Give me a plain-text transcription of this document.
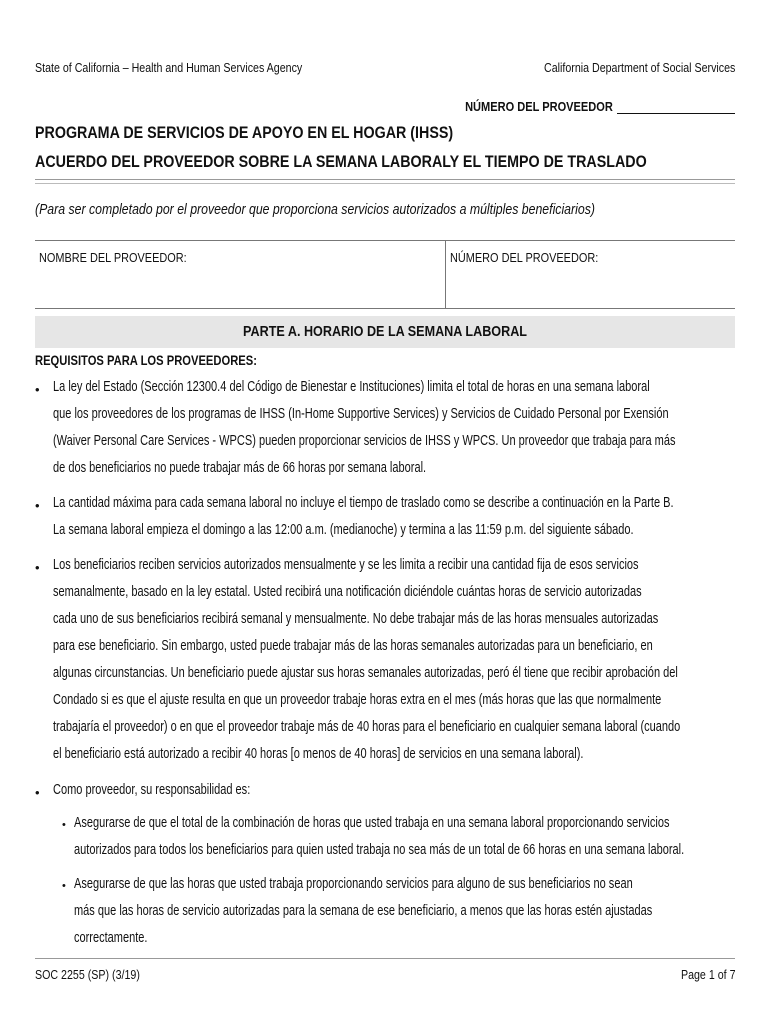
State of California – Health and Human Services Agency	California Department of Social Services
NÚMERO DEL PROVEEDOR
PROGRAMA DE SERVICIOS DE APOYO EN EL HOGAR (IHSS)
ACUERDO DEL PROVEEDOR SOBRE LA SEMANA LABORALY EL TIEMPO DE TRASLADO
(Para ser completado por el proveedor que proporciona servicios autorizados a múltiples beneficiarios)
NOMBRE DEL PROVEEDOR:	NÚMERO DEL PROVEEDOR:
PARTE A. HORARIO DE LA SEMANA LABORAL
REQUISITOS PARA LOS PROVEEDORES:
• La ley del Estado (Sección 12300.4 del Código de Bienestar e Instituciones) limita el total de horas en una semana laboral
que los proveedores de los programas de IHSS (In-Home Supportive Services) y Servicios de Cuidado Personal por Exensión
(Waiver Personal Care Services - WPCS) pueden proporcionar servicios de IHSS y WPCS. Un proveedor que trabaja para más
de dos beneficiarios no puede trabajar más de 66 horas por semana laboral.
• La cantidad máxima para cada semana laboral no incluye el tiempo de traslado como se describe a continuación en la Parte B.
La semana laboral empieza el domingo a las 12:00 a.m. (medianoche) y termina a las 11:59 p.m. del siguiente sábado.
• Los beneficiarios reciben servicios autorizados mensualmente y se les limita a recibir una cantidad fija de esos servicios
semanalmente, basado en la ley estatal. Usted recibirá una notificación diciéndole cuántas horas de servicio autorizadas
cada uno de sus beneficiarios recibirá semanal y mensualmente. No debe trabajar más de las horas mensuales autorizadas
para ese beneficiario. Sin embargo, usted puede trabajar más de las horas semanales autorizadas para un beneficiario, en
algunas circunstancias. Un beneficiario puede ajustar sus horas semanales autorizadas, peró él tiene que recibir aprobación del
Condado si es que el ajuste resulta en que un proveedor trabaje horas extra en el mes (más horas que las que normalmente
trabajaría el proveedor) o en que el proveedor trabaje más de 40 horas para el beneficiario en cualquier semana laboral (cuando
el beneficiario está autorizado a recibir 40 horas [o menos de 40 horas] de servicios en una semana laboral).
• Como proveedor, su responsabilidad es:
• Asegurarse de que el total de la combinación de horas que usted trabaja en una semana laboral proporcionando servicios
autorizados para todos los beneficiarios para quien usted trabaja no sea más de un total de 66 horas en una semana laboral.
• Asegurarse de que las horas que usted trabaja proporcionando servicios para alguno de sus beneficiarios no sean
más que las horas de servicio autorizadas para la semana de ese beneficiario, a menos que las horas estén ajustadas
correctamente.
SOC 2255 (SP) (3/19)	Page 1 of 7
